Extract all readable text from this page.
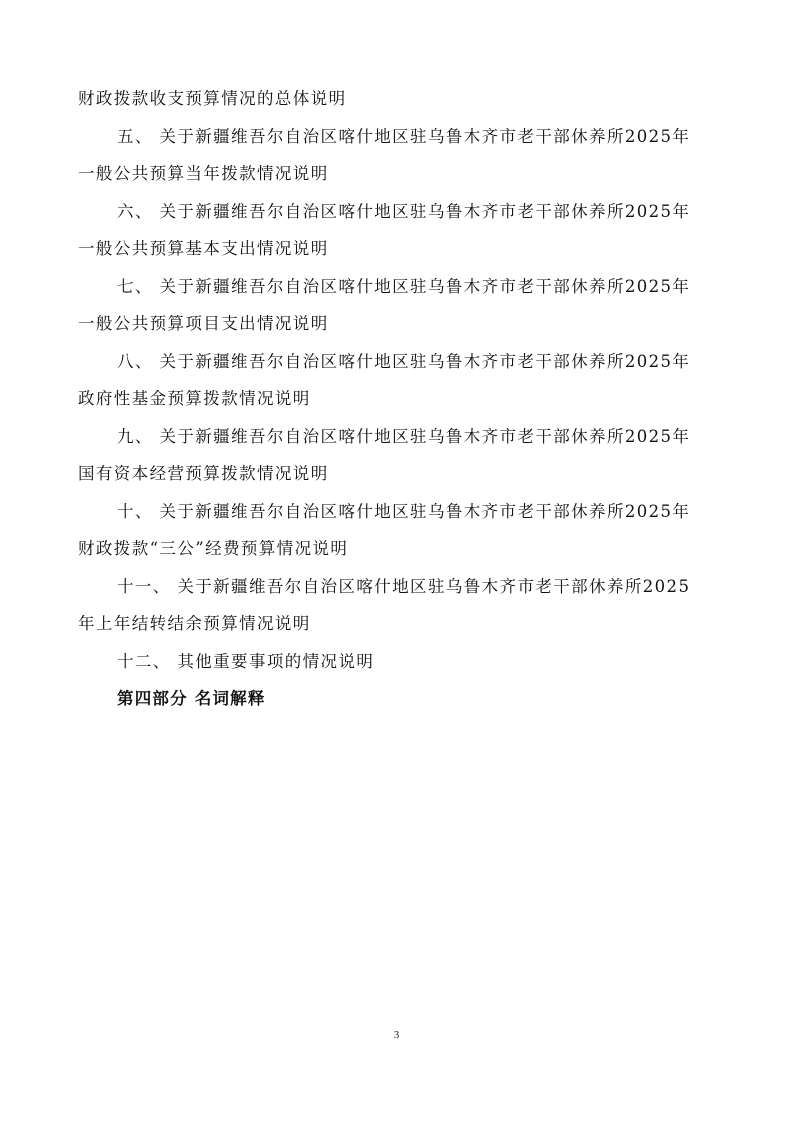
财政拨款收支预算情况的总体说明
五、 关于新疆维吾尔自治区喀什地区驻乌鲁木齐市老干部休养所2025年
一般公共预算当年拨款情况说明
六、 关于新疆维吾尔自治区喀什地区驻乌鲁木齐市老干部休养所2025年
一般公共预算基本支出情况说明
七、 关于新疆维吾尔自治区喀什地区驻乌鲁木齐市老干部休养所2025年
一般公共预算项目支出情况说明
八、 关于新疆维吾尔自治区喀什地区驻乌鲁木齐市老干部休养所2025年
政府性基金预算拨款情况说明
九、 关于新疆维吾尔自治区喀什地区驻乌鲁木齐市老干部休养所2025年
国有资本经营预算拨款情况说明
十、 关于新疆维吾尔自治区喀什地区驻乌鲁木齐市老干部休养所2025年
财政拨款“三公”经费预算情况说明
十一、 关于新疆维吾尔自治区喀什地区驻乌鲁木齐市老干部休养所2025
年上年结转结余预算情况说明
十二、 其他重要事项的情况说明
第四部分 名词解释
3
